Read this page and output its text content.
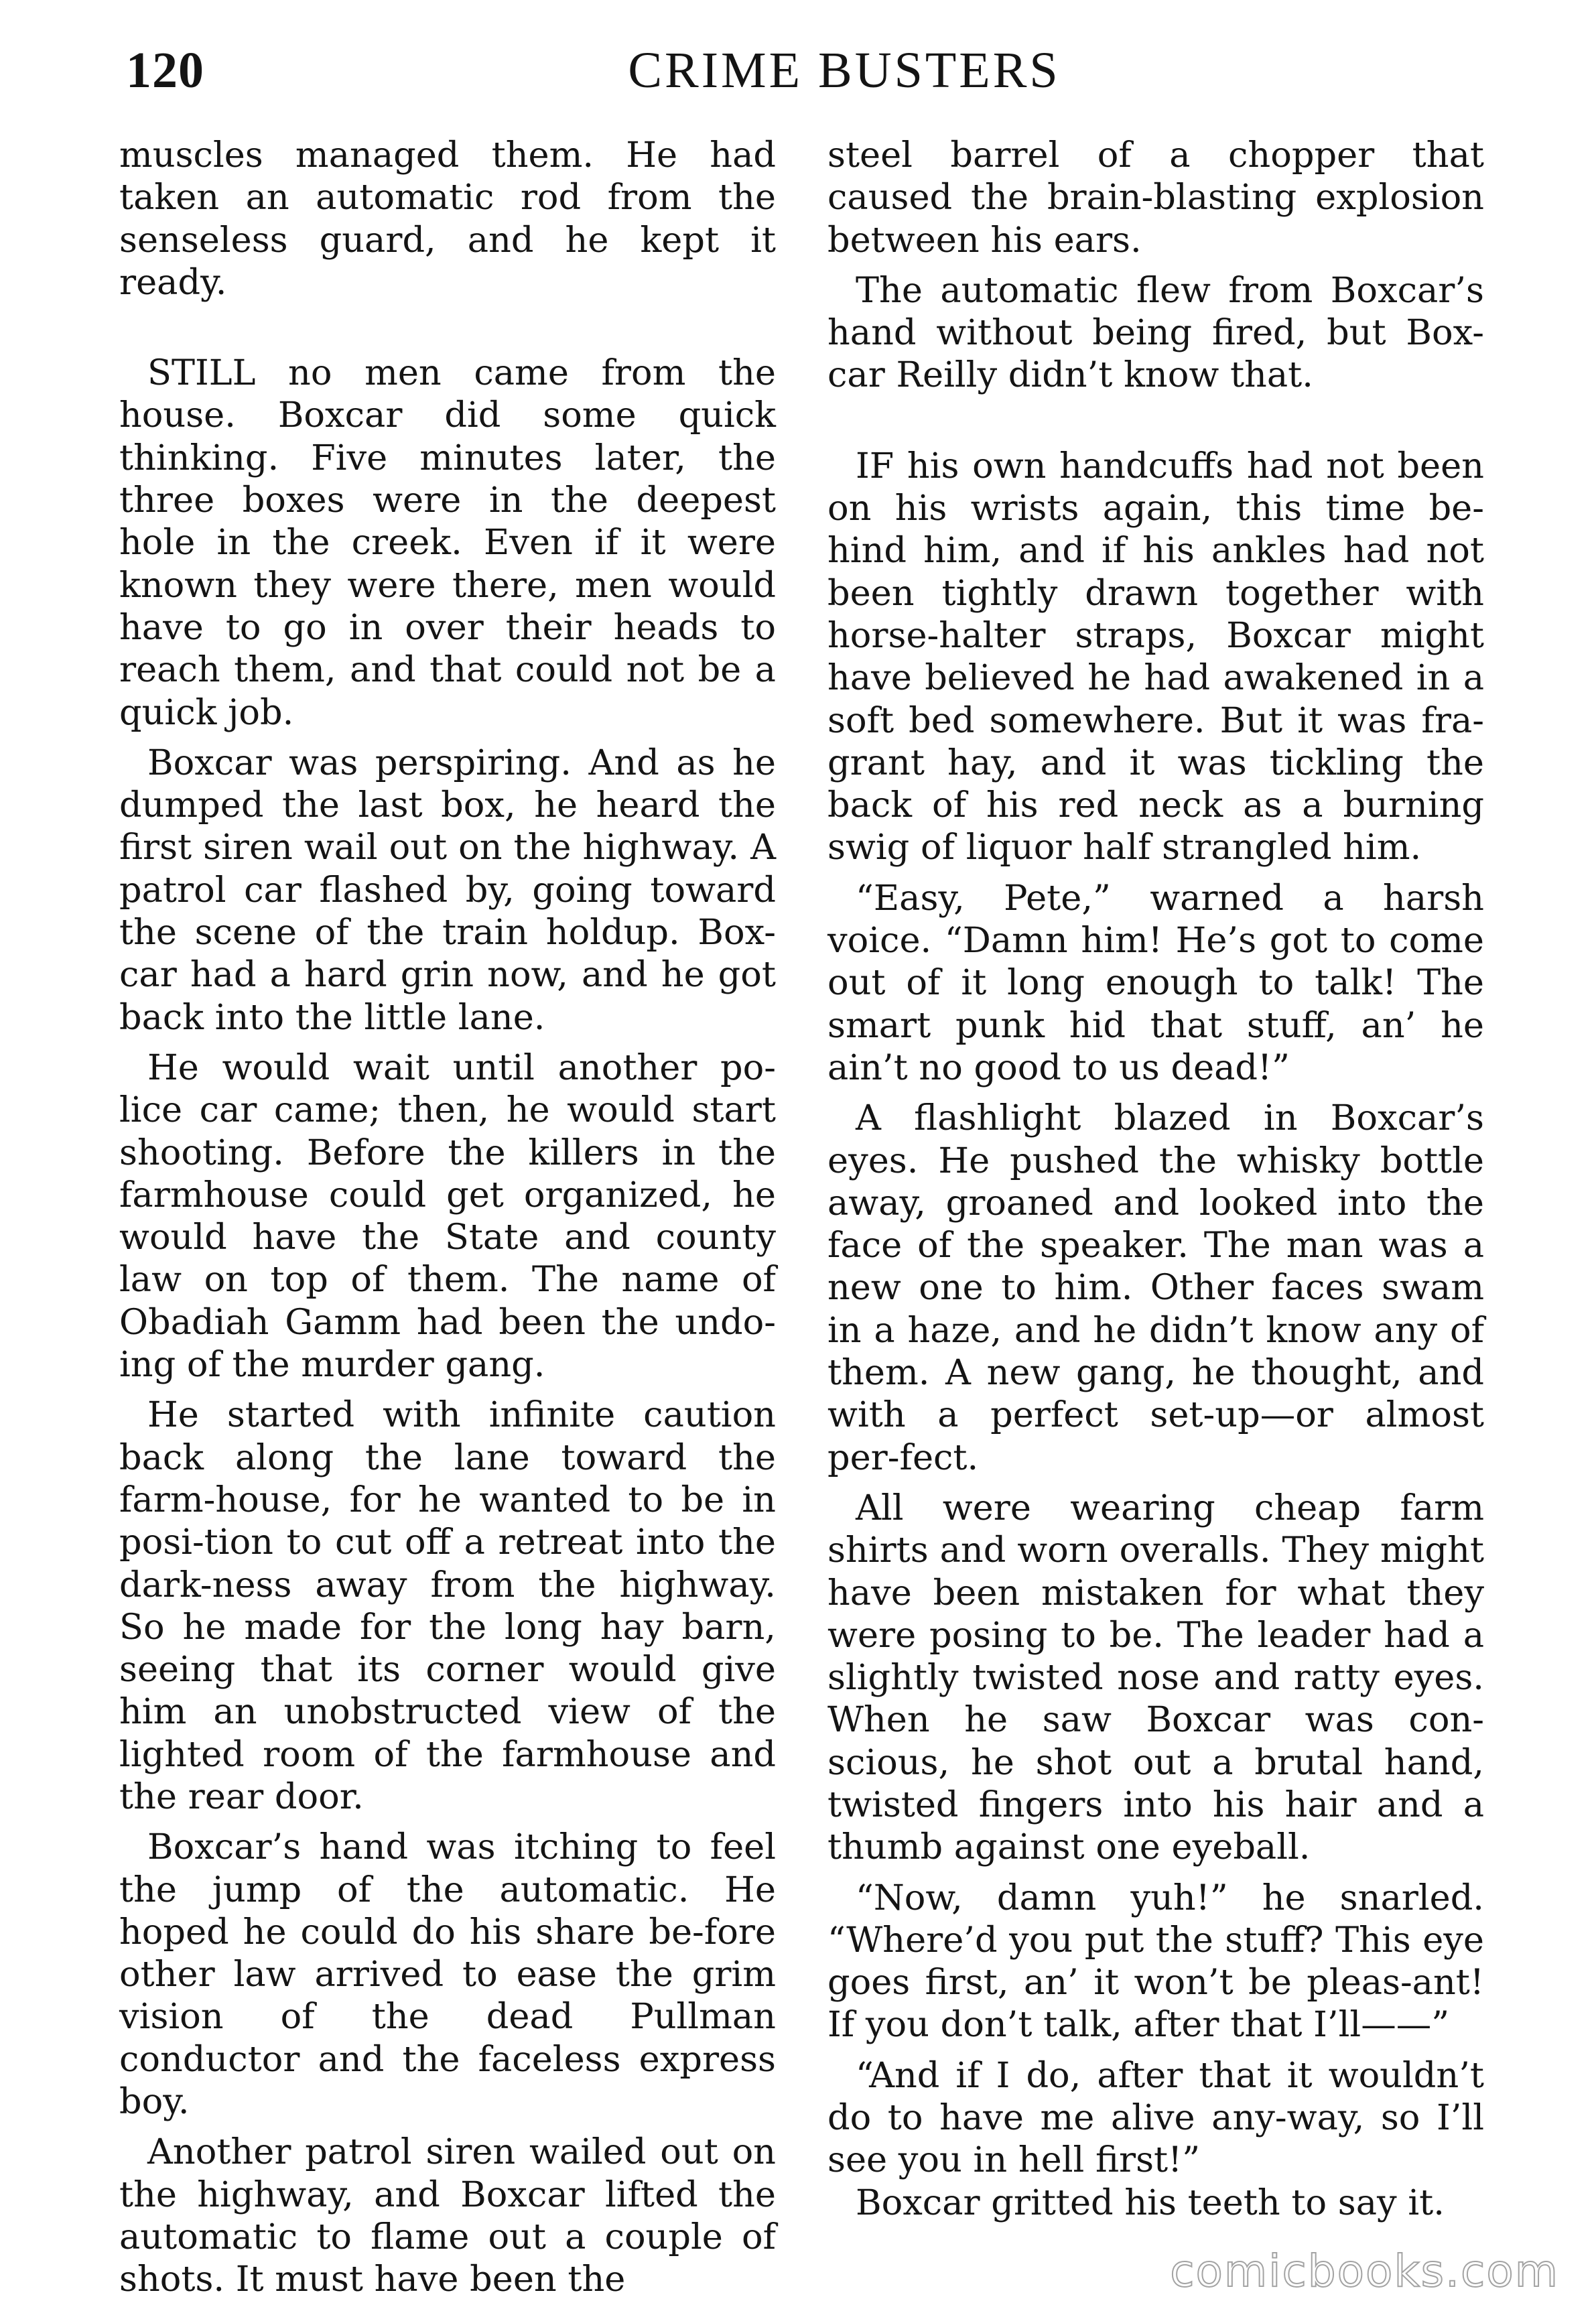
120	CRIME BUSTERS

muscles managed them. He had taken an automatic rod from the senseless guard, and he kept it ready.

STILL no men came from the house. Boxcar did some quick thinking. Five minutes later, the three boxes were in the deepest hole in the creek. Even if it were known they were there, men would have to go in over their heads to reach them, and that could not be a quick job.

Boxcar was perspiring. And as he dumped the last box, he heard the first siren wail out on the highway. A patrol car flashed by, going toward the scene of the train holdup. Box-car had a hard grin now, and he got back into the little lane.

He would wait until another po-lice car came; then, he would start shooting. Before the killers in the farmhouse could get organized, he would have the State and county law on top of them. The name of Obadiah Gamm had been the undo-ing of the murder gang.

He started with infinite caution back along the lane toward the farm-house, for he wanted to be in posi-tion to cut off a retreat into the dark-ness away from the highway. So he made for the long hay barn, seeing that its corner would give him an unobstructed view of the lighted room of the farmhouse and the rear door.

Boxcar’s hand was itching to feel the jump of the automatic. He hoped he could do his share be-fore other law arrived to ease the grim vision of the dead Pullman conductor and the faceless express boy.

Another patrol siren wailed out on the highway, and Boxcar lifted the automatic to flame out a couple of shots. It must have been the

steel barrel of a chopper that caused the brain-blasting explosion between his ears.

The automatic flew from Boxcar’s hand without being fired, but Box-car Reilly didn’t know that.

IF his own handcuffs had not been on his wrists again, this time be-hind him, and if his ankles had not been tightly drawn together with horse-halter straps, Boxcar might have believed he had awakened in a soft bed somewhere. But it was fra-grant hay, and it was tickling the back of his red neck as a burning swig of liquor half strangled him.

“Easy, Pete,” warned a harsh voice. “Damn him! He’s got to come out of it long enough to talk! The smart punk hid that stuff, an’ he ain’t no good to us dead!”

A flashlight blazed in Boxcar’s eyes. He pushed the whisky bottle away, groaned and looked into the face of the speaker. The man was a new one to him. Other faces swam in a haze, and he didn’t know any of them. A new gang, he thought, and with a perfect set-up—or almost per-fect.

All were wearing cheap farm shirts and worn overalls. They might have been mistaken for what they were posing to be. The leader had a slightly twisted nose and ratty eyes. When he saw Boxcar was con-scious, he shot out a brutal hand, twisted fingers into his hair and a thumb against one eyeball.

“Now, damn yuh!” he snarled. “Where’d you put the stuff? This eye goes first, an’ it won’t be pleas-ant! If you don’t talk, after that I’ll——”

“And if I do, after that it wouldn’t do to have me alive any-way, so I’ll see you in hell first!”

Boxcar gritted his teeth to say it.

comicbooks.com
